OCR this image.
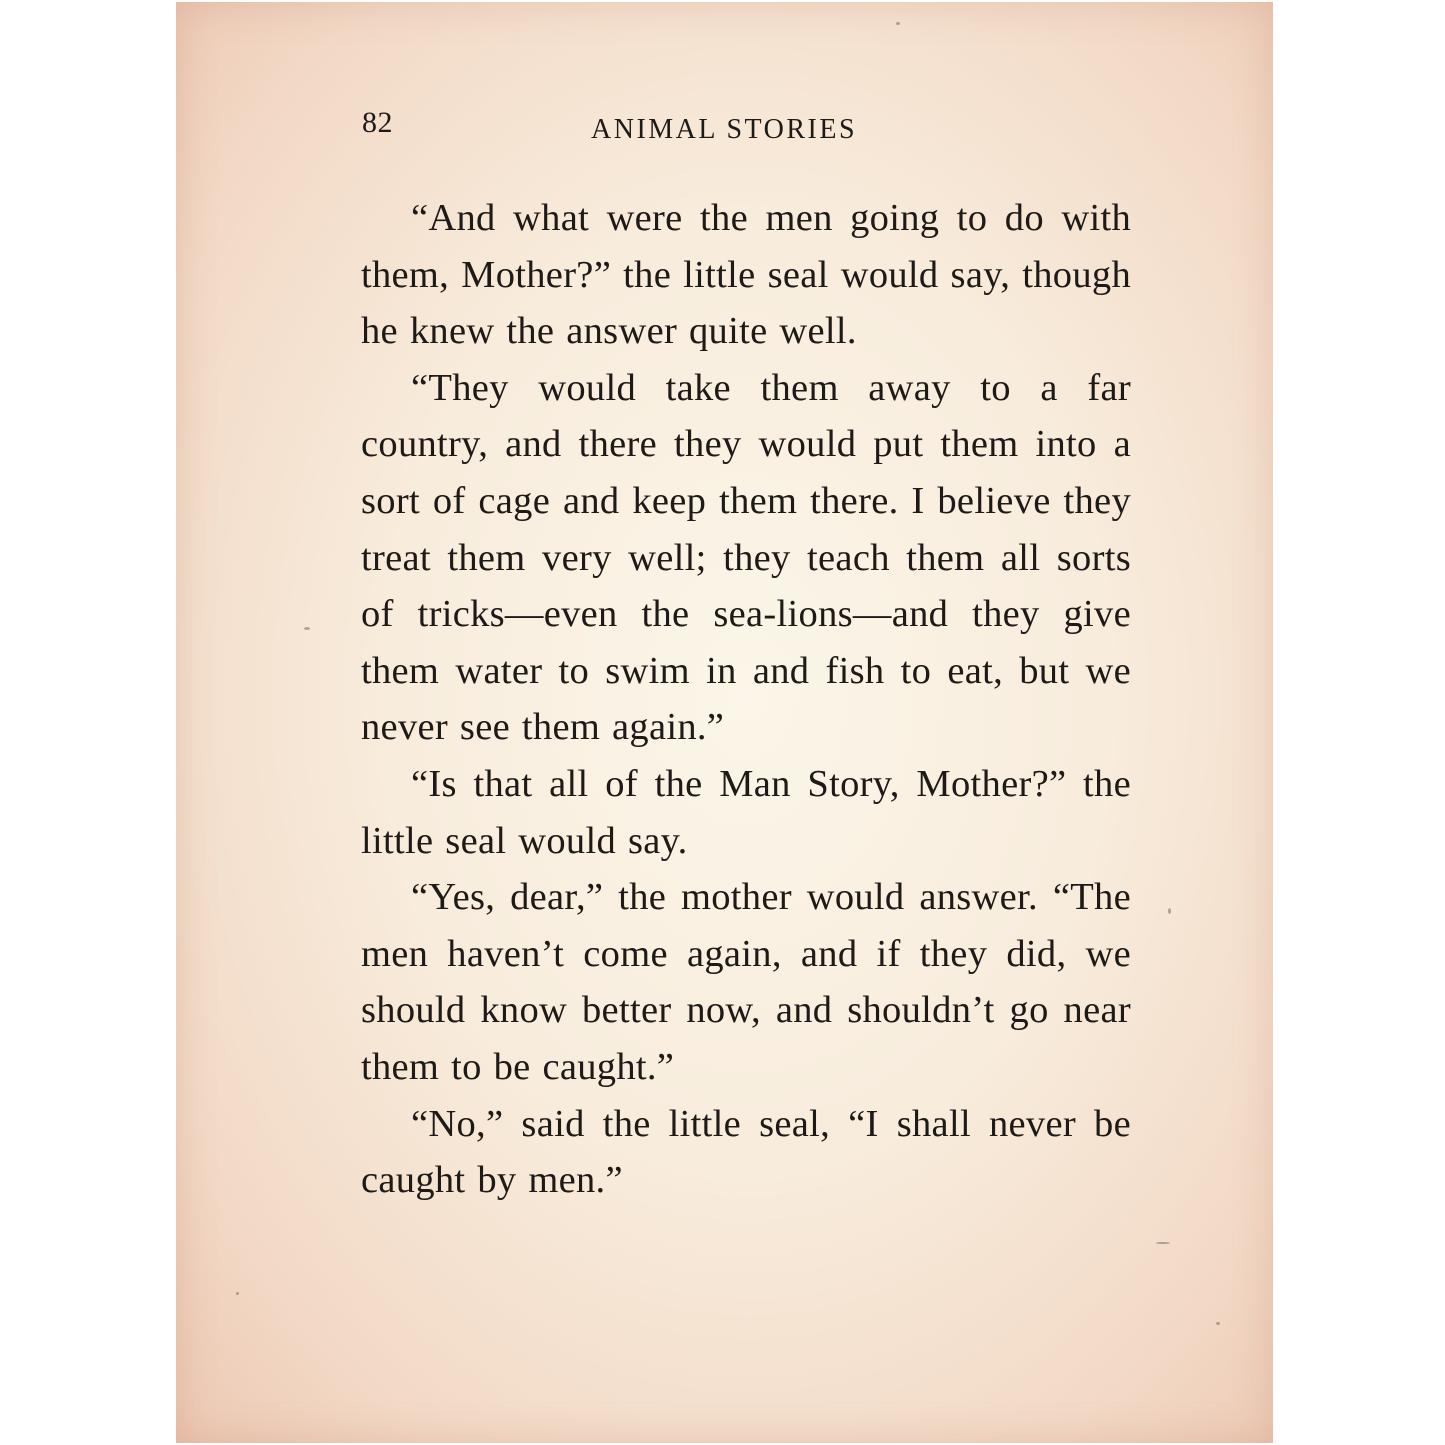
82	ANIMAL STORIES

“And what were the men going to do with them, Mother?” the little seal would say, though he knew the answer quite well.

“They would take them away to a far country, and there they would put them into a sort of cage and keep them there. I believe they treat them very well; they teach them all sorts of tricks—even the sea-lions—and they give them water to swim in and fish to eat, but we never see them again.”

“Is that all of the Man Story, Mother?” the little seal would say.

“Yes, dear,” the mother would answer. “The men haven’t come again, and if they did, we should know better now, and shouldn’t go near them to be caught.”

“No,” said the little seal, “I shall never be caught by men.”
